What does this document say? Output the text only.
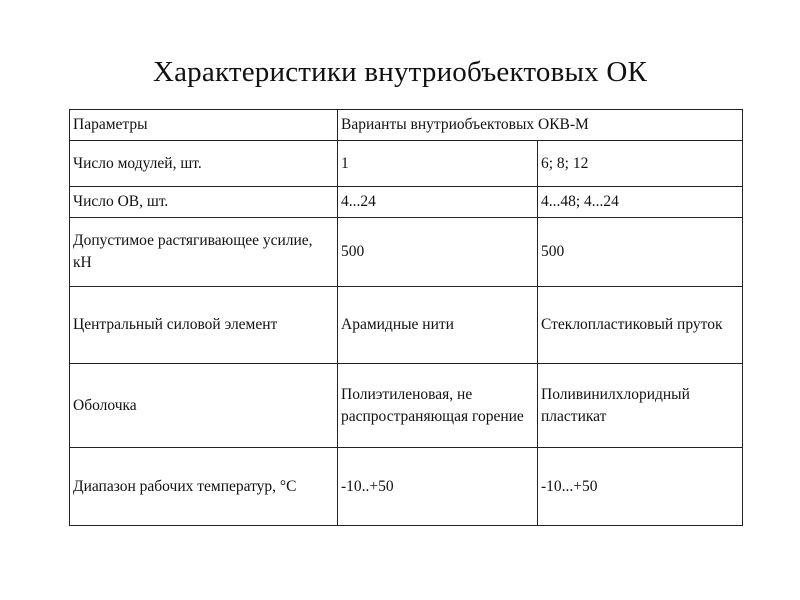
Характеристики внутриобъектовых ОК
Параметры	Варианты внутриобъектовых ОКВ-М	
Число модулей, шт.	1	6; 8; 12
Число ОВ, шт.	4...24	4...48; 4...24
Допустимое растягивающее усилие, кН	500	500
Центральный силовой элемент	Арамидные нити	Стеклопластиковый пруток
Оболочка	Полиэтиленовая, не распространяющая горение	Поливинилхлоридный пластикат
Диапазон рабочих температур, °С	-10..+50	-10...+50
